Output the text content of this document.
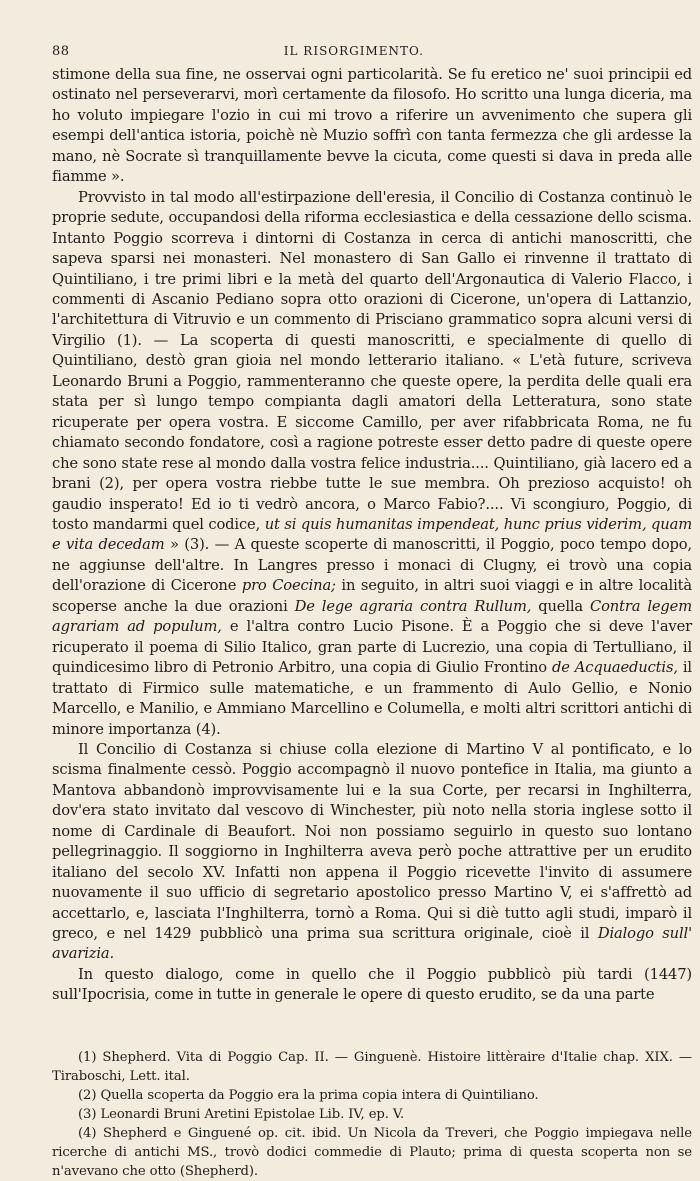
88	IL RISORGIMENTO.

stimone della sua fine, ne osservai ogni particolarità. Se fu eretico ne' suoi principii ed ostinato nel perseverarvi, morì certamente da filosofo. Ho scritto una lunga diceria, ma ho voluto impiegare l'ozio in cui mi trovo a riferire un avvenimento che supera gli esempi dell'antica istoria, poichè nè Muzio soffrì con tanta fermezza che gli ardesse la mano, nè Socrate sì tranquillamente bevve la cicuta, come questi si dava in preda alle fiamme ».

Provvisto in tal modo all'estirpazione dell'eresia, il Concilio di Costanza continuò le proprie sedute, occupandosi della riforma ecclesiastica e della cessazione dello scisma. Intanto Poggio scorreva i dintorni di Costanza in cerca di antichi manoscritti, che sapeva sparsi nei monasteri. Nel monastero di San Gallo ei rinvenne il trattato di Quintiliano, i tre primi libri e la metà del quarto dell'Argonautica di Valerio Flacco, i commenti di Ascanio Pediano sopra otto orazioni di Cicerone, un'opera di Lattanzio, l'architettura di Vitruvio e un commento di Prisciano grammatico sopra alcuni versi di Virgilio (1). — La scoperta di questi manoscritti, e specialmente di quello di Quintiliano, destò gran gioia nel mondo letterario italiano. « L'età future, scriveva Leonardo Bruni a Poggio, rammenteranno che queste opere, la perdita delle quali era stata per sì lungo tempo compianta dagli amatori della Letteratura, sono state ricuperate per opera vostra. E siccome Camillo, per aver rifabbricata Roma, ne fu chiamato secondo fondatore, così a ragione potreste esser detto padre di queste opere che sono state rese al mondo dalla vostra felice industria.... Quintiliano, già lacero ed a brani (2), per opera vostra riebbe tutte le sue membra. Oh prezioso acquisto! oh gaudio insperato! Ed io ti vedrò ancora, o Marco Fabio?.... Vi scongiuro, Poggio, di tosto mandarmi quel codice, ut si quis humanitas impendeat, hunc prius viderim, quam e vita decedam » (3). — A queste scoperte di manoscritti, il Poggio, poco tempo dopo, ne aggiunse dell'altre. In Langres presso i monaci di Clugny, ei trovò una copia dell'orazione di Cicerone pro Coecina; in seguito, in altri suoi viaggi e in altre località scoperse anche la due orazioni De lege agraria contra Rullum, quella Contra legem agrariam ad populum, e l'altra contro Lucio Pisone. È a Poggio che si deve l'aver ricuperato il poema di Silio Italico, gran parte di Lucrezio, una copia di Tertulliano, il quindicesimo libro di Petronio Arbitro, una copia di Giulio Frontino de Acquaeductis, il trattato di Firmico sulle matematiche, e un frammento di Aulo Gellio, e Nonio Marcello, e Manilio, e Ammiano Marcellino e Columella, e molti altri scrittori antichi di minore importanza (4).

Il Concilio di Costanza si chiuse colla elezione di Martino V al pontificato, e lo scisma finalmente cessò. Poggio accompagnò il nuovo pontefice in Italia, ma giunto a Mantova abbandonò improvvisamente lui e la sua Corte, per recarsi in Inghilterra, dov'era stato invitato dal vescovo di Winchester, più noto nella storia inglese sotto il nome di Cardinale di Beaufort. Noi non possiamo seguirlo in questo suo lontano pellegrinaggio. Il soggiorno in Inghilterra aveva però poche attrattive per un erudito italiano del secolo XV. Infatti non appena il Poggio ricevette l'invito di assumere nuovamente il suo ufficio di segretario apostolico presso Martino V, ei s'affrettò ad accettarlo, e, lasciata l'Inghilterra, tornò a Roma. Qui si diè tutto agli studi, imparò il greco, e nel 1429 pubblicò una prima sua scrittura originale, cioè il Dialogo sull' avarizia.

In questo dialogo, come in quello che il Poggio pubblicò più tardi (1447) sull'Ipocrisia, come in tutte in generale le opere di questo erudito, se da una parte

(1) Shepherd. Vita di Poggio Cap. II. — Ginguenè. Histoire littèraire d'Italie chap. XIX. — Tiraboschi, Lett. ital.

(2) Quella scoperta da Poggio era la prima copia intera di Quintiliano.

(3) Leonardi Bruni Aretini Epistolae Lib. IV, ep. V.

(4) Shepherd e Ginguené op. cit. ibid. Un Nicola da Treveri, che Poggio impiegava nelle ricerche di antichi MS., trovò dodici commedie di Plauto; prima di questa scoperta non se n'avevano che otto (Shepherd).
